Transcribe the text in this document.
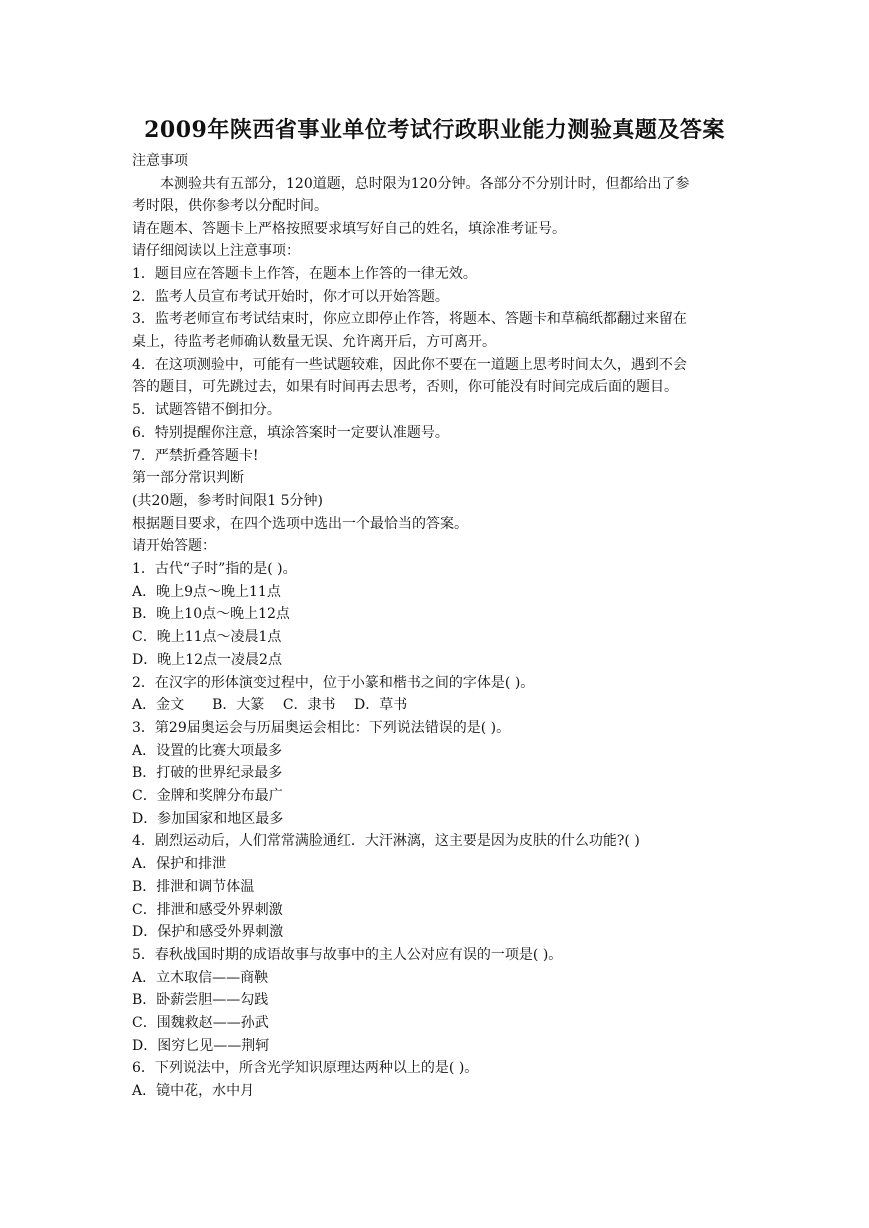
2009年陕西省事业单位考试行政职业能力测验真题及答案
注意事项
本测验共有五部分，120道题，总时限为120分钟。各部分不分别计时，但都给出了参
考时限，供你参考以分配时间。
请在题本、答题卡上严格按照要求填写好自己的姓名，填涂准考证号。
请仔细阅读以上注意事项：
1．题目应在答题卡上作答，在题本上作答的一律无效。
2．监考人员宣布考试开始时，你才可以开始答题。
3．监考老师宣布考试结束时，你应立即停止作答，将题本、答题卡和草稿纸都翻过来留在
桌上，待监考老师确认数量无误、允许离开后，方可离开。
4．在这项测验中，可能有一些试题较难，因此你不要在一道题上思考时间太久，遇到不会
答的题目，可先跳过去，如果有时间再去思考，否则，你可能没有时间完成后面的题目。
5．试题答错不倒扣分。
6．特别提醒你注意，填涂答案时一定要认准题号。
7．严禁折叠答题卡!
第一部分常识判断
(共20题，参考时间限1 5分钟)
根据题目要求，在四个选项中选出一个最恰当的答案。
请开始答题：
1．古代“子时”指的是( )。
A．晚上9点～晚上11点
B．晚上10点～晚上12点
C．晚上11点～凌晨1点
D．晚上12点一凌晨2点
2．在汉字的形体演变过程中，位于小篆和楷书之间的字体是( )。
A．金文　　B．大篆　 C．隶书　 D．草书
3．第29届奥运会与历届奥运会相比：下列说法错误的是( )。
A．设置的比赛大项最多
B．打破的世界纪录最多
C．金牌和奖牌分布最广
D．参加国家和地区最多
4．剧烈运动后，人们常常满脸通红．大汗淋漓，这主要是因为皮肤的什么功能?( )
A．保护和排泄
B．排泄和调节体温
C．排泄和感受外界刺激
D．保护和感受外界刺激
5．春秋战国时期的成语故事与故事中的主人公对应有误的一项是( )。
A．立木取信——商鞅
B．卧薪尝胆——勾践
C．围魏救赵——孙武
D．图穷匕见——荆轲
6．下列说法中，所含光学知识原理达两种以上的是( )。
A．镜中花，水中月
